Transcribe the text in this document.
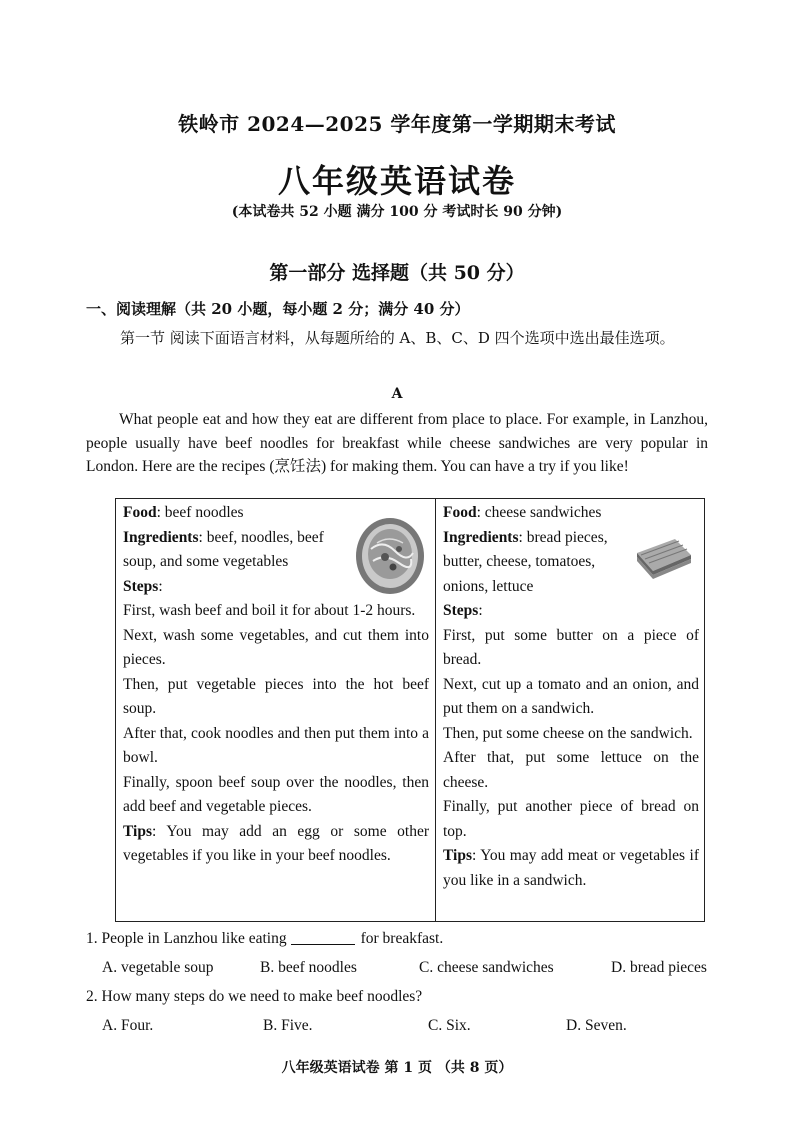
铁岭市 2024—2025 学年度第一学期期末考试
八年级英语试卷
(本试卷共 52 小题 满分 100 分 考试时长 90 分钟)
第一部分 选择题（共 50 分）
一、阅读理解（共 20 小题，每小题 2 分；满分 40 分）
第一节 阅读下面语言材料，从每题所给的 A、B、C、D 四个选项中选出最佳选项。
A
What people eat and how they eat are different from place to place. For example, in Lanzhou, people usually have beef noodles for breakfast while cheese sandwiches are very popular in London. Here are the recipes (烹饪法) for making them. You can have a try if you like!

Food: beef noodles

Ingredients: beef, noodles, beef

soup, and some vegetables

Steps:

First, wash beef and boil it for about 1-2 hours.

Next, wash some vegetables, and cut them into pieces.

Then, put vegetable pieces into the hot beef soup.

After that, cook noodles and then put them into a bowl.

Finally, spoon beef soup over the noodles, then add beef and vegetable pieces.

Tips: You may add an egg or some other vegetables if you like in your beef noodles.

Food: cheese sandwiches

Ingredients: bread pieces,

butter, cheese, tomatoes,

onions, lettuce

Steps:

First, put some butter on a piece of bread.

Next, cut up a tomato and an onion, and put them on a sandwich.

Then, put some cheese on the sandwich.

After that, put some lettuce on the cheese.

Finally, put another piece of bread on top.

Tips: You may add meat or vegetables if you like in a sandwich.

1. People in Lanzhou like eating	for breakfast.
A. vegetable soup	B. beef noodles	C. cheese sandwiches	D. bread pieces
2. How many steps do we need to make beef noodles?
A. Four.	B. Five.	C. Six.	D. Seven.
八年级英语试卷 第 1 页 （共 8 页）
